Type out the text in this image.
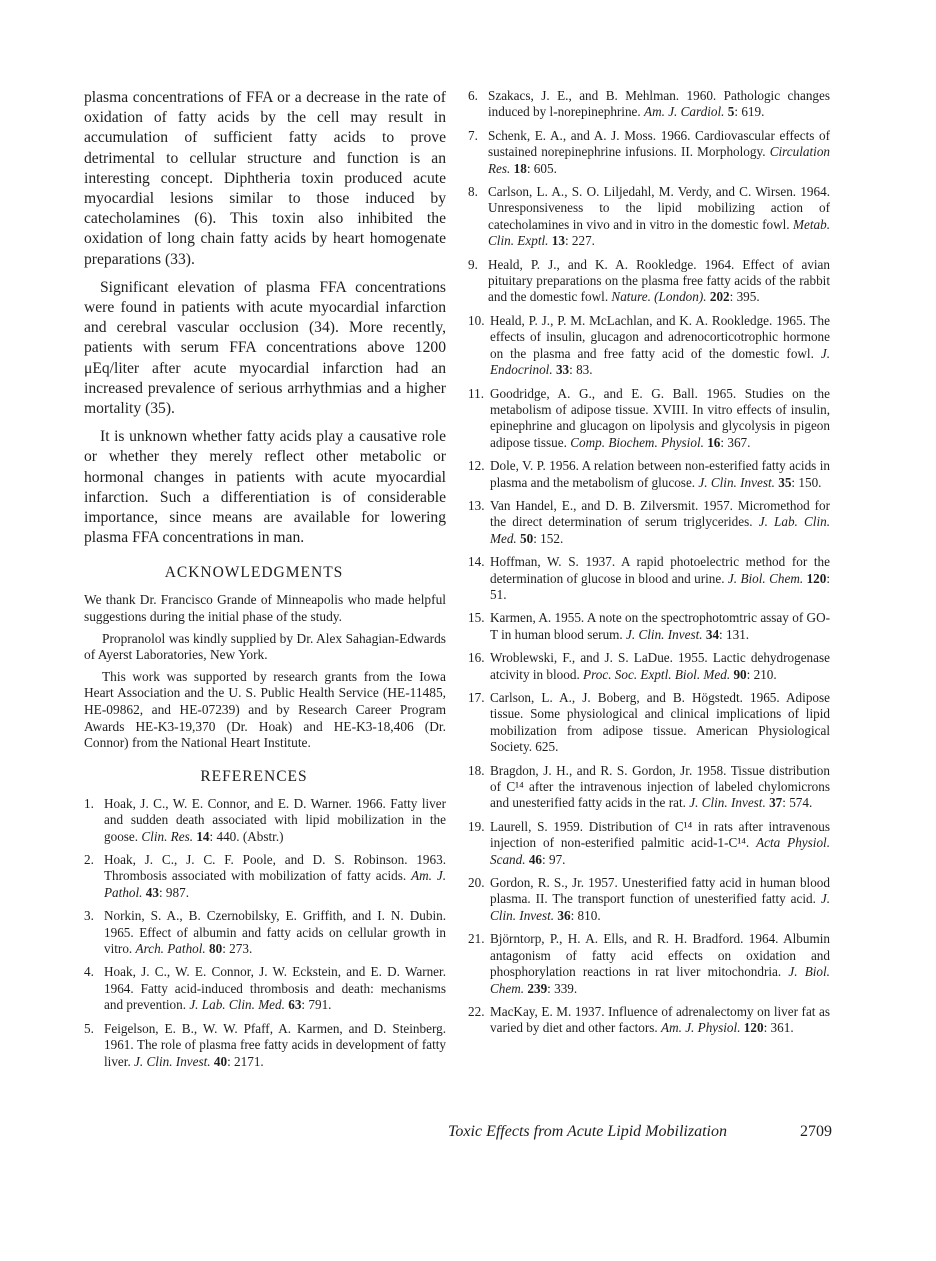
plasma concentrations of FFA or a decrease in the rate of oxidation of fatty acids by the cell may result in accumulation of sufficient fatty acids to prove detrimental to cellular structure and function is an interesting concept. Diphtheria toxin produced acute myocardial lesions similar to those induced by catecholamines (6). This toxin also inhibited the oxidation of long chain fatty acids by heart homogenate preparations (33).

Significant elevation of plasma FFA concentrations were found in patients with acute myocardial infarction and cerebral vascular occlusion (34). More recently, patients with serum FFA concentrations above 1200 μEq/liter after acute myocardial infarction had an increased prevalence of serious arrhythmias and a higher mortality (35).

It is unknown whether fatty acids play a causative role or whether they merely reflect other metabolic or hormonal changes in patients with acute myocardial infarction. Such a differentiation is of considerable importance, since means are available for lowering plasma FFA concentrations in man.

ACKNOWLEDGMENTS

We thank Dr. Francisco Grande of Minneapolis who made helpful suggestions during the initial phase of the study.

Propranolol was kindly supplied by Dr. Alex Sahagian-Edwards of Ayerst Laboratories, New York.

This work was supported by research grants from the Iowa Heart Association and the U. S. Public Health Service (HE-11485, HE-09862, and HE-07239) and by Research Career Program Awards HE-K3-19,370 (Dr. Hoak) and HE-K3-18,406 (Dr. Connor) from the National Heart Institute.

REFERENCES
1. Hoak, J. C., W. E. Connor, and E. D. Warner. 1966. Fatty liver and sudden death associated with lipid mobilization in the goose. Clin. Res. 14: 440. (Abstr.)
2. Hoak, J. C., J. C. F. Poole, and D. S. Robinson. 1963. Thrombosis associated with mobilization of fatty acids. Am. J. Pathol. 43: 987.
3. Norkin, S. A., B. Czernobilsky, E. Griffith, and I. N. Dubin. 1965. Effect of albumin and fatty acids on cellular growth in vitro. Arch. Pathol. 80: 273.
4. Hoak, J. C., W. E. Connor, J. W. Eckstein, and E. D. Warner. 1964. Fatty acid-induced thrombosis and death: mechanisms and prevention. J. Lab. Clin. Med. 63: 791.
5. Feigelson, E. B., W. W. Pfaff, A. Karmen, and D. Steinberg. 1961. The role of plasma free fatty acids in development of fatty liver. J. Clin. Invest. 40: 2171.
6. Szakacs, J. E., and B. Mehlman. 1960. Pathologic changes induced by l-norepinephrine. Am. J. Cardiol. 5: 619.
7. Schenk, E. A., and A. J. Moss. 1966. Cardiovascular effects of sustained norepinephrine infusions. II. Morphology. Circulation Res. 18: 605.
8. Carlson, L. A., S. O. Liljedahl, M. Verdy, and C. Wirsen. 1964. Unresponsiveness to the lipid mobilizing action of catecholamines in vivo and in vitro in the domestic fowl. Metab. Clin. Exptl. 13: 227.
9. Heald, P. J., and K. A. Rookledge. 1964. Effect of avian pituitary preparations on the plasma free fatty acids of the rabbit and the domestic fowl. Nature. (London). 202: 395.
10. Heald, P. J., P. M. McLachlan, and K. A. Rookledge. 1965. The effects of insulin, glucagon and adrenocorticotrophic hormone on the plasma and free fatty acid of the domestic fowl. J. Endocrinol. 33: 83.
11. Goodridge, A. G., and E. G. Ball. 1965. Studies on the metabolism of adipose tissue. XVIII. In vitro effects of insulin, epinephrine and glucagon on lipolysis and glycolysis in pigeon adipose tissue. Comp. Biochem. Physiol. 16: 367.
12. Dole, V. P. 1956. A relation between non-esterified fatty acids in plasma and the metabolism of glucose. J. Clin. Invest. 35: 150.
13. Van Handel, E., and D. B. Zilversmit. 1957. Micromethod for the direct determination of serum triglycerides. J. Lab. Clin. Med. 50: 152.
14. Hoffman, W. S. 1937. A rapid photoelectric method for the determination of glucose in blood and urine. J. Biol. Chem. 120: 51.
15. Karmen, A. 1955. A note on the spectrophotomtric assay of GO-T in human blood serum. J. Clin. Invest. 34: 131.
16. Wroblewski, F., and J. S. LaDue. 1955. Lactic dehydrogenase atcivity in blood. Proc. Soc. Exptl. Biol. Med. 90: 210.
17. Carlson, L. A., J. Boberg, and B. Högstedt. 1965. Adipose tissue. Some physiological and clinical implications of lipid mobilization from adipose tissue. American Physiological Society. 625.
18. Bragdon, J. H., and R. S. Gordon, Jr. 1958. Tissue distribution of C¹⁴ after the intravenous injection of labeled chylomicrons and unesterified fatty acids in the rat. J. Clin. Invest. 37: 574.
19. Laurell, S. 1959. Distribution of C¹⁴ in rats after intravenous injection of non-esterified palmitic acid-1-C¹⁴. Acta Physiol. Scand. 46: 97.
20. Gordon, R. S., Jr. 1957. Unesterified fatty acid in human blood plasma. II. The transport function of unesterified fatty acid. J. Clin. Invest. 36: 810.
21. Björntorp, P., H. A. Ells, and R. H. Bradford. 1964. Albumin antagonism of fatty acid effects on oxidation and phosphorylation reactions in rat liver mitochondria. J. Biol. Chem. 239: 339.
22. MacKay, E. M. 1937. Influence of adrenalectomy on liver fat as varied by diet and other factors. Am. J. Physiol. 120: 361.
Toxic Effects from Acute Lipid Mobilization	2709
